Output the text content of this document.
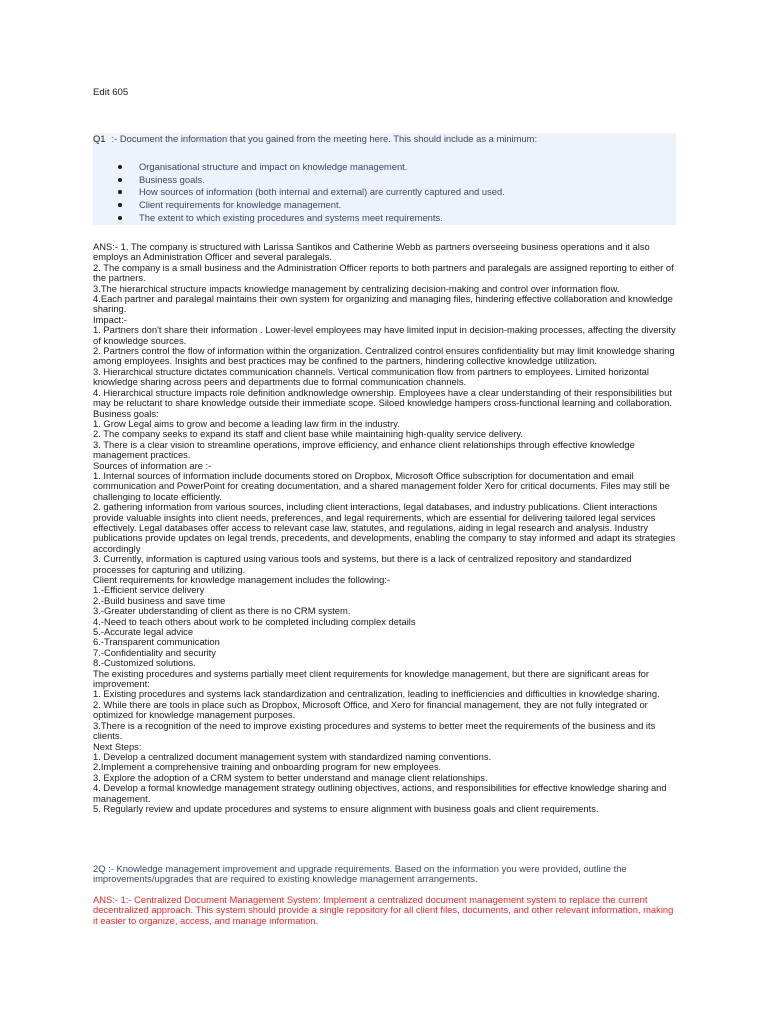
Edit 605
Q1 :- Document the information that you gained from the meeting here. This should include as a minimum:
Organisational structure and impact on knowledge management.
Business goals.
How sources of information (both internal and external) are currently captured and used.
Client requirements for knowledge management.
The extent to which existing procedures and systems meet requirements.

ANS:- 1. The company is structured with Larissa Santikos and Catherine Webb as partners overseeing business operations and it also employs an Administration Officer and several paralegals.

2. The company is a small business and the Administration Officer reports to both partners and paralegals are assigned reporting to either of the partners.

3.The hierarchical structure impacts knowledge management by centralizing decision-making and control over information flow.

4.Each partner and paralegal maintains their own system for organizing and managing files, hindering effective collaboration and knowledge sharing.

Impact:-

1. Partners don't share their information . Lower-level employees may have limited input in decision-making processes, affecting the diversity of knowledge sources.

2. Partners control the flow of information within the organization. Centralized control ensures confidentiality but may limit knowledge sharing among employees. Insights and best practices may be confined to the partners, hindering collective knowledge utilization.

3. Hierarchical structure dictates communication channels. Vertical communication flow from partners to employees. Limited horizontal knowledge sharing across peers and departments due to formal communication channels.

4. Hierarchical structure impacts role definition andknowledge ownership. Employees have a clear understanding of their responsibilities but may be reluctant to share knowledge outside their immediate scope. Siloed knowledge hampers cross-functional learning and collaboration.

Business goals:

1. Grow Legal aims to grow and become a leading law firm in the industry.

2. The company seeks to expand its staff and client base while maintaining high-quality service delivery.

3. There is a clear vision to streamline operations, improve efficiency, and enhance client relationships through effective knowledge management practices.

Sources of information are :-

1. Internal sources of information include documents stored on Dropbox, Microsoft Office subscription for documentation and email communication and PowerPoint for creating documentation, and a shared management folder Xero for critical documents. Files may still be challenging to locate efficiently.

2. gathering information from various sources, including client interactions, legal databases, and industry publications. Client interactions provide valuable insights into client needs, preferences, and legal requirements, which are essential for delivering tailored legal services effectively. Legal databases offer access to relevant case law, statutes, and regulations, aiding in legal research and analysis. Industry publications provide updates on legal trends, precedents, and developments, enabling the company to stay informed and adapt its strategies accordingly

3. Currently, information is captured using various tools and systems, but there is a lack of centralized repository and standardized processes for capturing and utilizing.

Client requirements for knowledge management includes the following:-

1.-Efficient service delivery

2.-Build business and save time

3.-Greater ubderstanding of client as there is no CRM system.

4.-Need to teach others about work to be completed including complex details

5.-Accurate legal advice

6.-Transparent communication

7.-Confidentiality and security

8.-Customized solutions.

The existing procedures and systems partially meet client requirements for knowledge management, but there are significant areas for improvement:

1. Existing procedures and systems lack standardization and centralization, leading to inefficiencies and difficulties in knowledge sharing.

2. While there are tools in place such as Dropbox, Microsoft Office, and Xero for financial management, they are not fully integrated or optimized for knowledge management purposes.

3.There is a recognition of the need to improve existing procedures and systems to better meet the requirements of the business and its clients.

Next Steps:

1. Develop a centralized document management system with standardized naming conventions.

2.Implement a comprehensive training and onboarding program for new employees.

3. Explore the adoption of a CRM system to better understand and manage client relationships.

4. Develop a formal knowledge management strategy outlining objectives, actions, and responsibilities for effective knowledge sharing and management.

5. Regularly review and update procedures and systems to ensure alignment with business goals and client requirements.

2Q :- Knowledge management improvement and upgrade requirements. Based on the information you were provided, outline the improvements/upgrades that are required to existing knowledge management arrangements.
ANS:- 1:- Centralized Document Management System: Implement a centralized document management system to replace the current decentralized approach. This system should provide a single repository for all client files, documents, and other relevant information, making it easier to organize, access, and manage information.
